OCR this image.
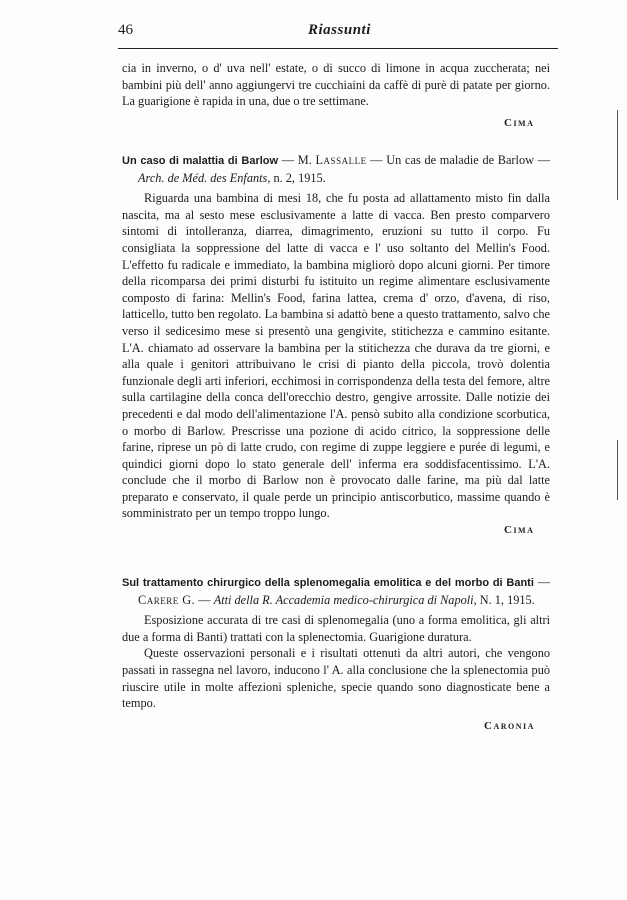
46	Riassunti

cia in inverno, o d' uva nell' estate, o di succo di limone in acqua zuccherata; nei bambini più dell' anno aggiungervi tre cucchiaini da caffè di purè di patate per giorno. La guarigione è rapida in una, due o tre settimane.

Cima

Un caso di malattia di Barlow — M. Lassalle — Un cas de maladie de Barlow — Arch. de Méd. des Enfants, n. 2, 1915.

Riguarda una bambina di mesi 18, che fu posta ad allattamento misto fin dalla nascita, ma al sesto mese esclusivamente a latte di vacca. Ben presto comparvero sintomi di intolleranza, diarrea, dimagrimento, eruzioni su tutto il corpo. Fu consigliata la soppressione del latte di vacca e l' uso soltanto del Mellin's Food. L'effetto fu radicale e immediato, la bambina migliorò dopo alcuni giorni. Per timore della ricomparsa dei primi disturbi fu istituito un regime alimentare esclusivamente composto di farina: Mellin's Food, farina lattea, crema d' orzo, d'avena, di riso, latticello, tutto ben regolato. La bambina si adattò bene a questo trattamento, salvo che verso il sedicesimo mese si presentò una gengivite, stitichezza e cammino esitante. L'A. chiamato ad osservare la bambina per la stitichezza che durava da tre giorni, e alla quale i genitori attribuivano le crisi di pianto della piccola, trovò dolentia funzionale degli arti inferiori, ecchimosi in corrispondenza della testa del femore, altre sulla cartilagine della conca dell'orecchio destro, gengive arrossite. Dalle notizie dei precedenti e dal modo dell'alimentazione l'A. pensò subito alla condizione scorbutica, o morbo di Barlow. Prescrisse una pozione di acido citrico, la soppressione delle farine, riprese un pò di latte crudo, con regime di zuppe leggiere e purée di legumi, e quindici giorni dopo lo stato generale dell' inferma era soddisfacentissimo. L'A. conclude che il morbo di Barlow non è provocato dalle farine, ma più dal latte preparato e conservato, il quale perde un principio antiscorbutico, massime quando è somministrato per un tempo troppo lungo.

Cima

Sul trattamento chirurgico della splenomegalia emolitica e del morbo di Banti — Carere G. — Atti della R. Accademia medico-chirurgica di Napoli, N. 1, 1915.

Esposizione accurata di tre casi di splenomegalia (uno a forma emolitica, gli altri due a forma di Banti) trattati con la splenectomia. Guarigione duratura.

Queste osservazioni personali e i risultati ottenuti da altri autori, che vengono passati in rassegna nel lavoro, inducono l' A. alla conclusione che la splenectomia può riuscire utile in molte affezioni spleniche, specie quando sono diagnosticate bene a tempo.

Caronia
